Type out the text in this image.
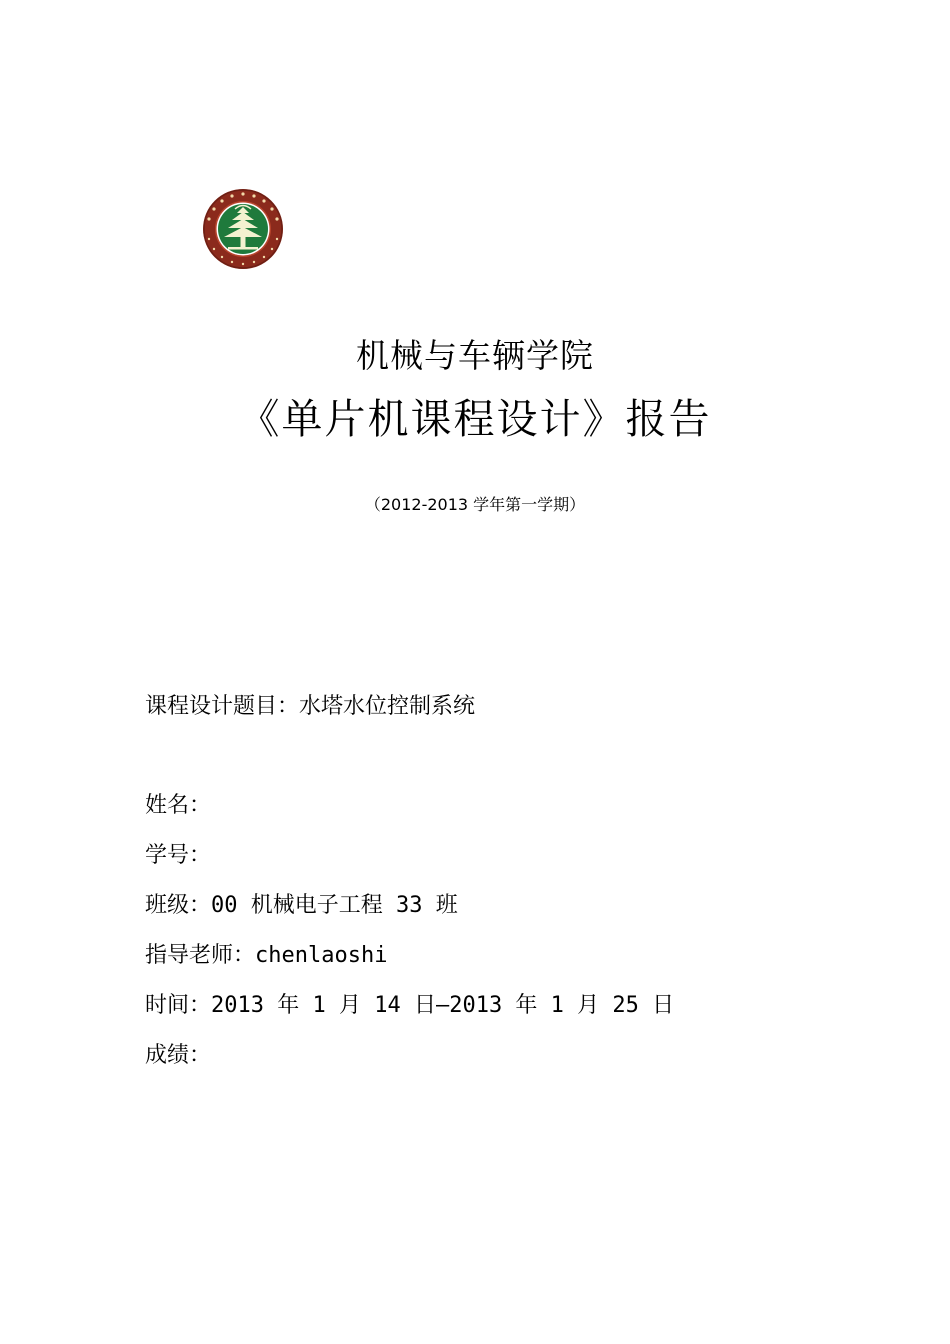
机械与车辆学院
《单片机课程设计》报告
（2012-2013 学年第一学期）
课程设计题目：水塔水位控制系统
姓名：
学号：
班级：00 机械电子工程 33 班
指导老师：chenlaoshi
时间：2013 年 1 月 14 日—2013 年 1 月 25 日
成绩：
